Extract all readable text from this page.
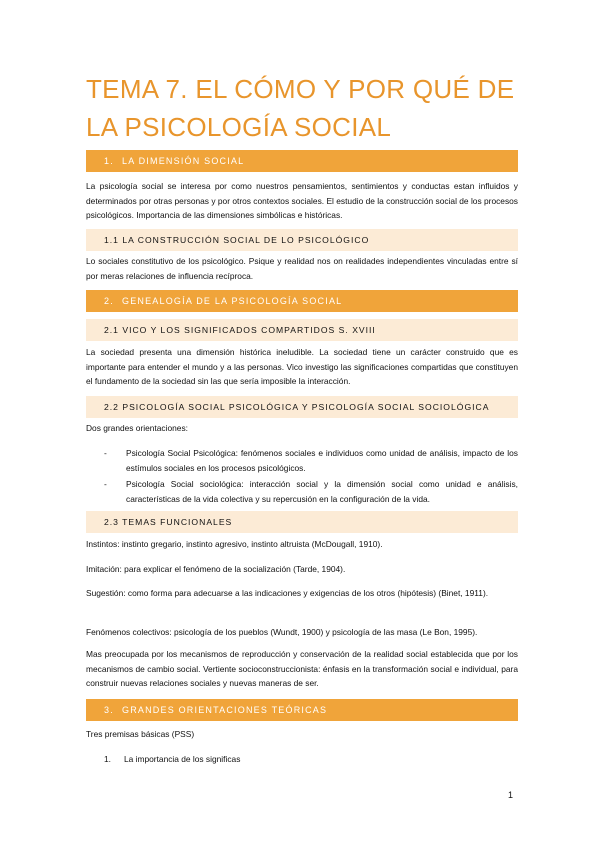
TEMA 7. EL CÓMO Y POR QUÉ DE LA PSICOLOGÍA SOCIAL
1. LA DIMENSIÓN SOCIAL
La psicología social se interesa por como nuestros pensamientos, sentimientos y conductas estan influidos y determinados por otras personas y por otros contextos sociales. El estudio de la construcción social de los procesos psicológicos. Importancia de las dimensiones simbólicas e históricas.
1.1 LA CONSTRUCCIÓN SOCIAL DE LO PSICOLÓGICO
Lo sociales constitutivo de los psicológico. Psique y realidad nos on realidades independientes vinculadas entre sí por meras relaciones de influencia recíproca.
2. GENEALOGÍA DE LA PSICOLOGÍA SOCIAL
2.1 VICO Y LOS SIGNIFICADOS COMPARTIDOS S. XVIII
La sociedad presenta una dimensión histórica ineludible. La sociedad tiene un carácter construido que es importante para entender el mundo y a las personas. Vico investigo las significaciones compartidas que constituyen el fundamento de la sociedad sin las que sería imposible la interacción.
2.2 PSICOLOGÍA SOCIAL PSICOLÓGICA Y PSICOLOGÍA SOCIAL SOCIOLÓGICA
Dos grandes orientaciones:
-	Psicología Social Psicológica: fenómenos sociales e individuos como unidad de análisis, impacto de los estímulos sociales en los procesos psicológicos.
-	Psicología Social sociológica: interacción social y la dimensión social como unidad e análisis, características de la vida colectiva y su repercusión en la configuración de la vida.
2.3 TEMAS FUNCIONALES
Instintos: instinto gregario, instinto agresivo, instinto altruista (McDougall, 1910).
Imitación: para explicar el fenómeno de la socialización (Tarde, 1904).
Sugestión: como forma para adecuarse a las indicaciones y exigencias de los otros (hipótesis) (Binet, 1911).
Fenómenos colectivos: psicología de los pueblos (Wundt, 1900) y psicología de las masa (Le Bon, 1995).
Mas preocupada por los mecanismos de reproducción y conservación de la realidad social establecida que por los mecanismos de cambio social. Vertiente socioconstruccionista: énfasis en la transformación social e individual, para construir nuevas relaciones sociales y nuevas maneras de ser.
3. GRANDES ORIENTACIONES TEÓRICAS
Tres premisas básicas (PSS)
1.	La importancia de los significas
1
